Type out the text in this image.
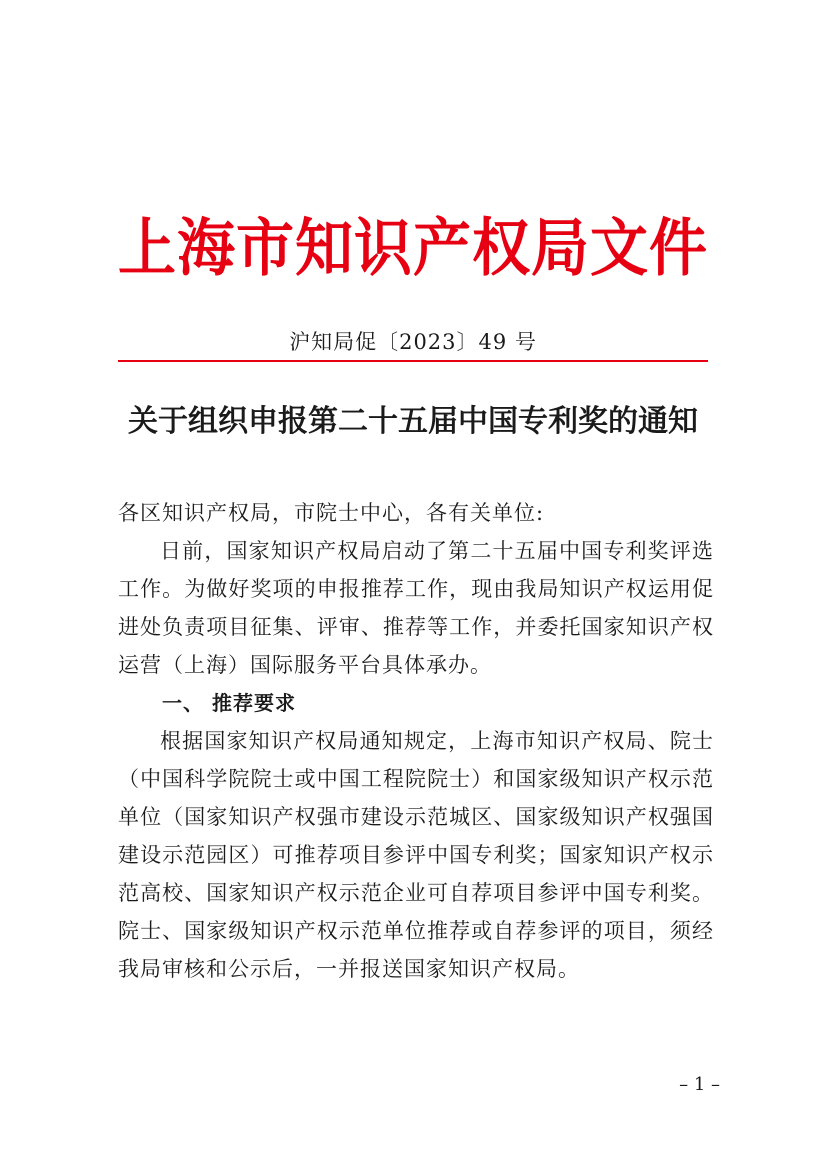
上海市知识产权局文件
沪知局促〔2023〕49 号
关于组织申报第二十五届中国专利奖的通知

各区知识产权局，市院士中心，各有关单位:

日前，国家知识产权局启动了第二十五届中国专利奖评选工作。为做好奖项的申报推荐工作，现由我局知识产权运用促进处负责项目征集、评审、推荐等工作，并委托国家知识产权运营（上海）国际服务平台具体承办。

一、 推荐要求

根据国家知识产权局通知规定，上海市知识产权局、院士（中国科学院院士或中国工程院院士）和国家级知识产权示范单位（国家知识产权强市建设示范城区、国家级知识产权强国建设示范园区）可推荐项目参评中国专利奖；国家知识产权示范高校、国家知识产权示范企业可自荐项目参评中国专利奖。院士、国家级知识产权示范单位推荐或自荐参评的项目，须经我局审核和公示后，一并报送国家知识产权局。

– 1 –
